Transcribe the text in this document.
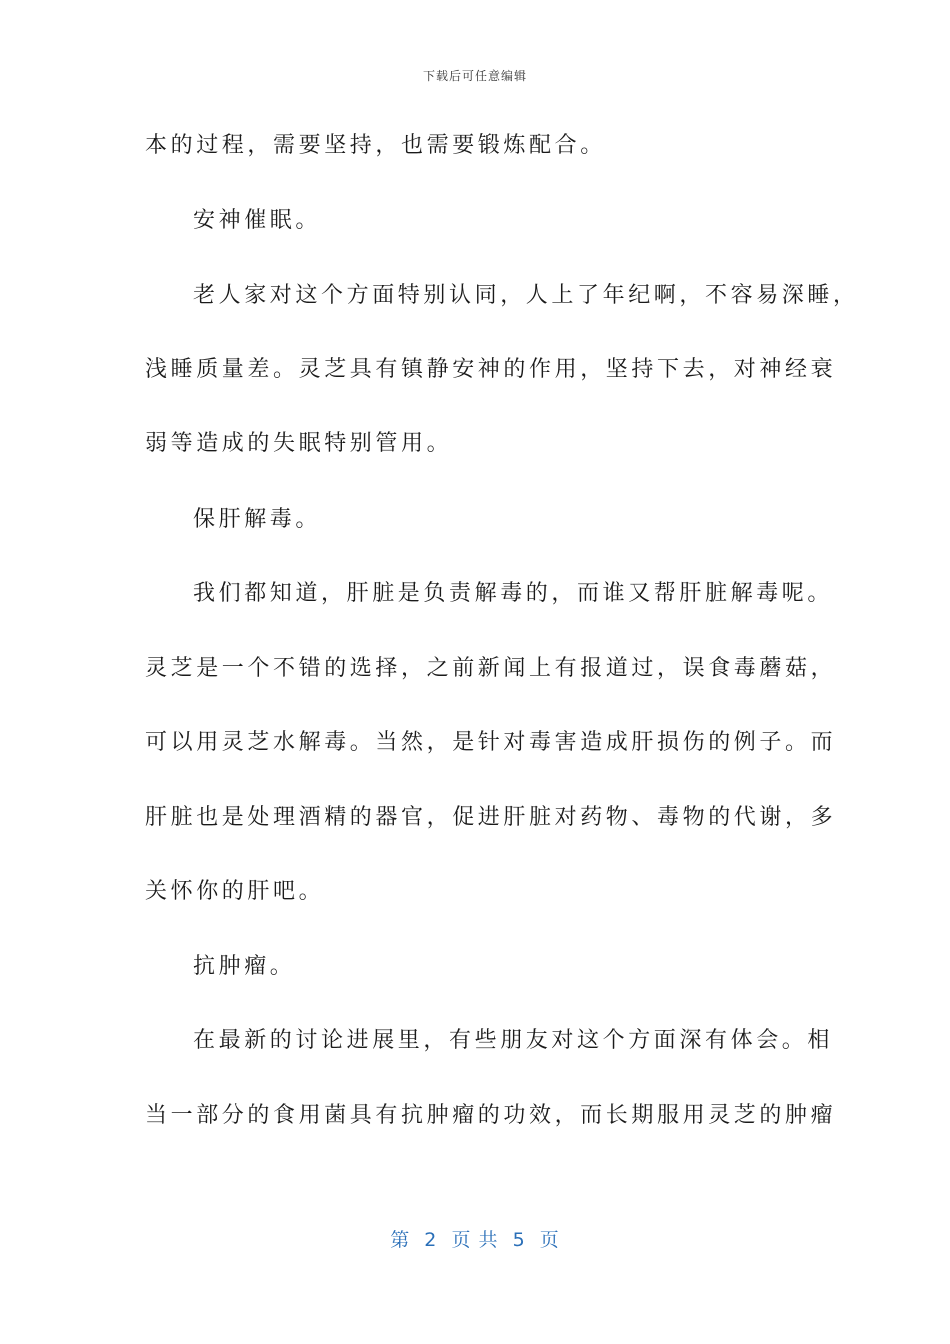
下载后可任意编辑
本的过程，需要坚持，也需要锻炼配合。
安神催眠。
老人家对这个方面特别认同，人上了年纪啊，不容易深睡，
浅睡质量差。灵芝具有镇静安神的作用，坚持下去，对神经衰
弱等造成的失眠特别管用。
保肝解毒。
我们都知道，肝脏是负责解毒的，而谁又帮肝脏解毒呢。
灵芝是一个不错的选择，之前新闻上有报道过，误食毒蘑菇，
可以用灵芝水解毒。当然，是针对毒害造成肝损伤的例子。而
肝脏也是处理酒精的器官，促进肝脏对药物、毒物的代谢，多
关怀你的肝吧。
抗肿瘤。
在最新的讨论进展里，有些朋友对这个方面深有体会。相
当一部分的食用菌具有抗肿瘤的功效，而长期服用灵芝的肿瘤
第  2  页 共  5  页
